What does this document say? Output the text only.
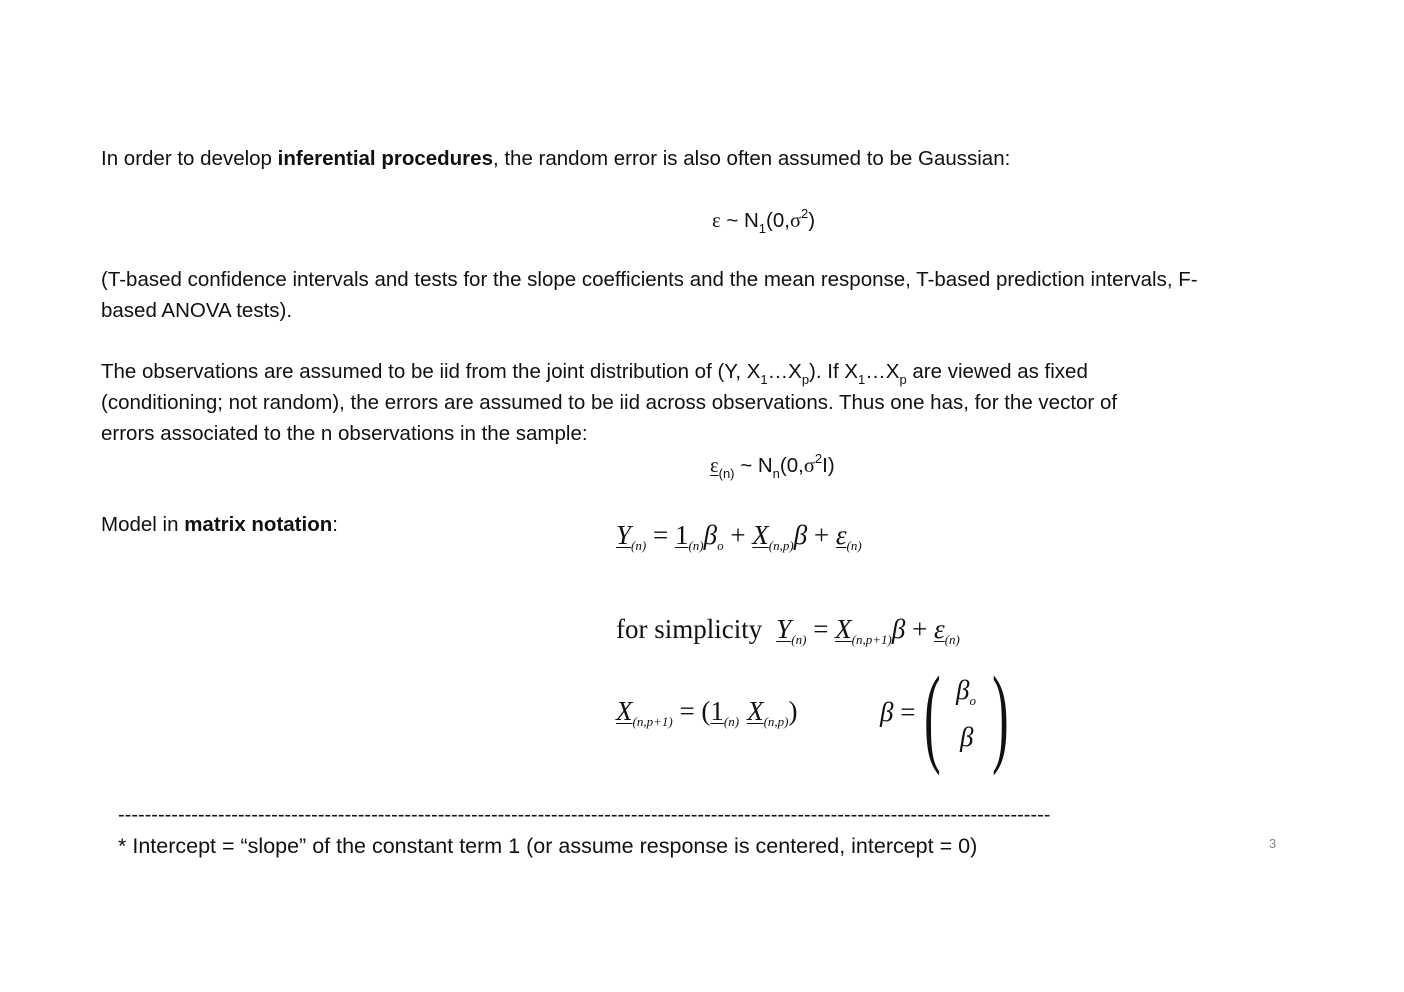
In order to develop inferential procedures, the random error is also often assumed to be Gaussian:
ε ~ $N_1(0,\sigma^2)$
(T-based confidence intervals and tests for the slope coefficients and the mean response, T-based prediction intervals, F-based ANOVA tests).
The observations are assumed to be iid from the joint distribution of (Y, $X_1\dots X_p$). If $X_1\dots X_p$ are viewed as fixed
(conditioning; not random), the errors are assumed to be iid across observations. Thus one has, for the vector of
errors associated to the n observations in the sample:
$\varepsilon_{(n)}$ ~ $N_n(0,\sigma^2I)$
Model in matrix notation:	$Y_{(n)} = 1_{(n)}\beta_o + X_{(n,p)}\beta + \varepsilon_{(n)}$
for simplicity $Y_{(n)} = X_{(n,p+1)}\beta + \varepsilon_{(n)}$
$X_{(n,p+1)} = (1_{(n)}$ $X_{(n,p)}$)	β = ( )
$\beta_o$
β
--------------------------------------------------------------------------------------------------------------------------------------------
* Intercept = “slope” of the constant term 1 (or assume response is centered, intercept = 0)	3
